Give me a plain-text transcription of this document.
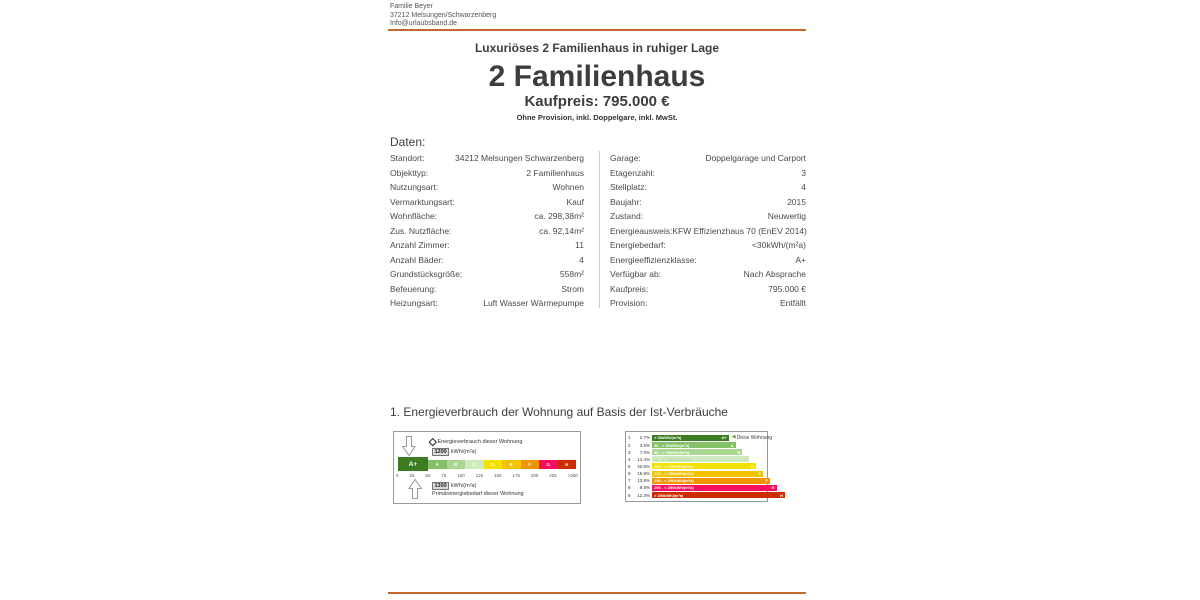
Familie Beyer
37212 Melsungen/Schwarzenberg
Info@urlaubsband.de
Luxuriöses 2 Familienhaus in ruhiger Lage
2 Familienhaus
Kaufpreis: 795.000 €
Ohne Provision, inkl. Doppelgare, inkl. MwSt.
Daten:
Standort:	34212 Melsungen Schwarzenberg
Objekttyp:	2 Familienhaus
Nutzungsart:	Wohnen
Vermarktungsart:	Kauf
Wohnfläche:	ca. 298,38m²
Zus. Nutzfläche:	ca. 92,14m²
Anzahl Zimmer:	11
Anzahl Bäder:	4
Grundstücksgröße:	558m²
Befeuerung:	Strom
Heizungsart:	Luft Wasser Wärmepumpe
Garage:	Doppelgarage und Carport
Etagenzahl:	3
Stellplatz:	4
Baujahr:	2015
Zustand:	Neuwertig
Energieausweis: KFW Effizienzhaus 70 (EnEV 2014)
Energiebedarf:	<30kWh/(m²a)
Energieeffizienzklasse:	A+
Verfügbar ab:	Nach Absprache
Kaufpreis:	795.000 €
Provision:	Entfällt
1. Energieverbrauch der Wohnung auf Basis der Ist-Verbräuche
Energieverbrauch dieser Wohnung
1200 kWh/(m²a)
A+	A	B	C	D	E	F	G	H
0 25 50 75 100 125 150 175 200 225 >250
1300 kWh/(m²a)
Primärenergiebedarf dieser Wohnung
1	2.7% < 30kWh/(m²a)	A+ ◀ Diese Wohnung
2	3.5% 30 - < 50kWh/(m²a)	A
3	7.0% 50 - < 75kWh/(m²a)	B
4	14.4% 75 - < 100kWh/(m²a)	C
5	20.8% 100 - < 125kWh/(m²a)	D
6	15.8% 125 - < 150kWh/(m²a)	E
7	13.8% 150 - < 200kWh/(m²a)	F
8	9.8% 200 - < 250kWh/(m²a)	G
9	12.3% > 250kWh/(m²a)	H
